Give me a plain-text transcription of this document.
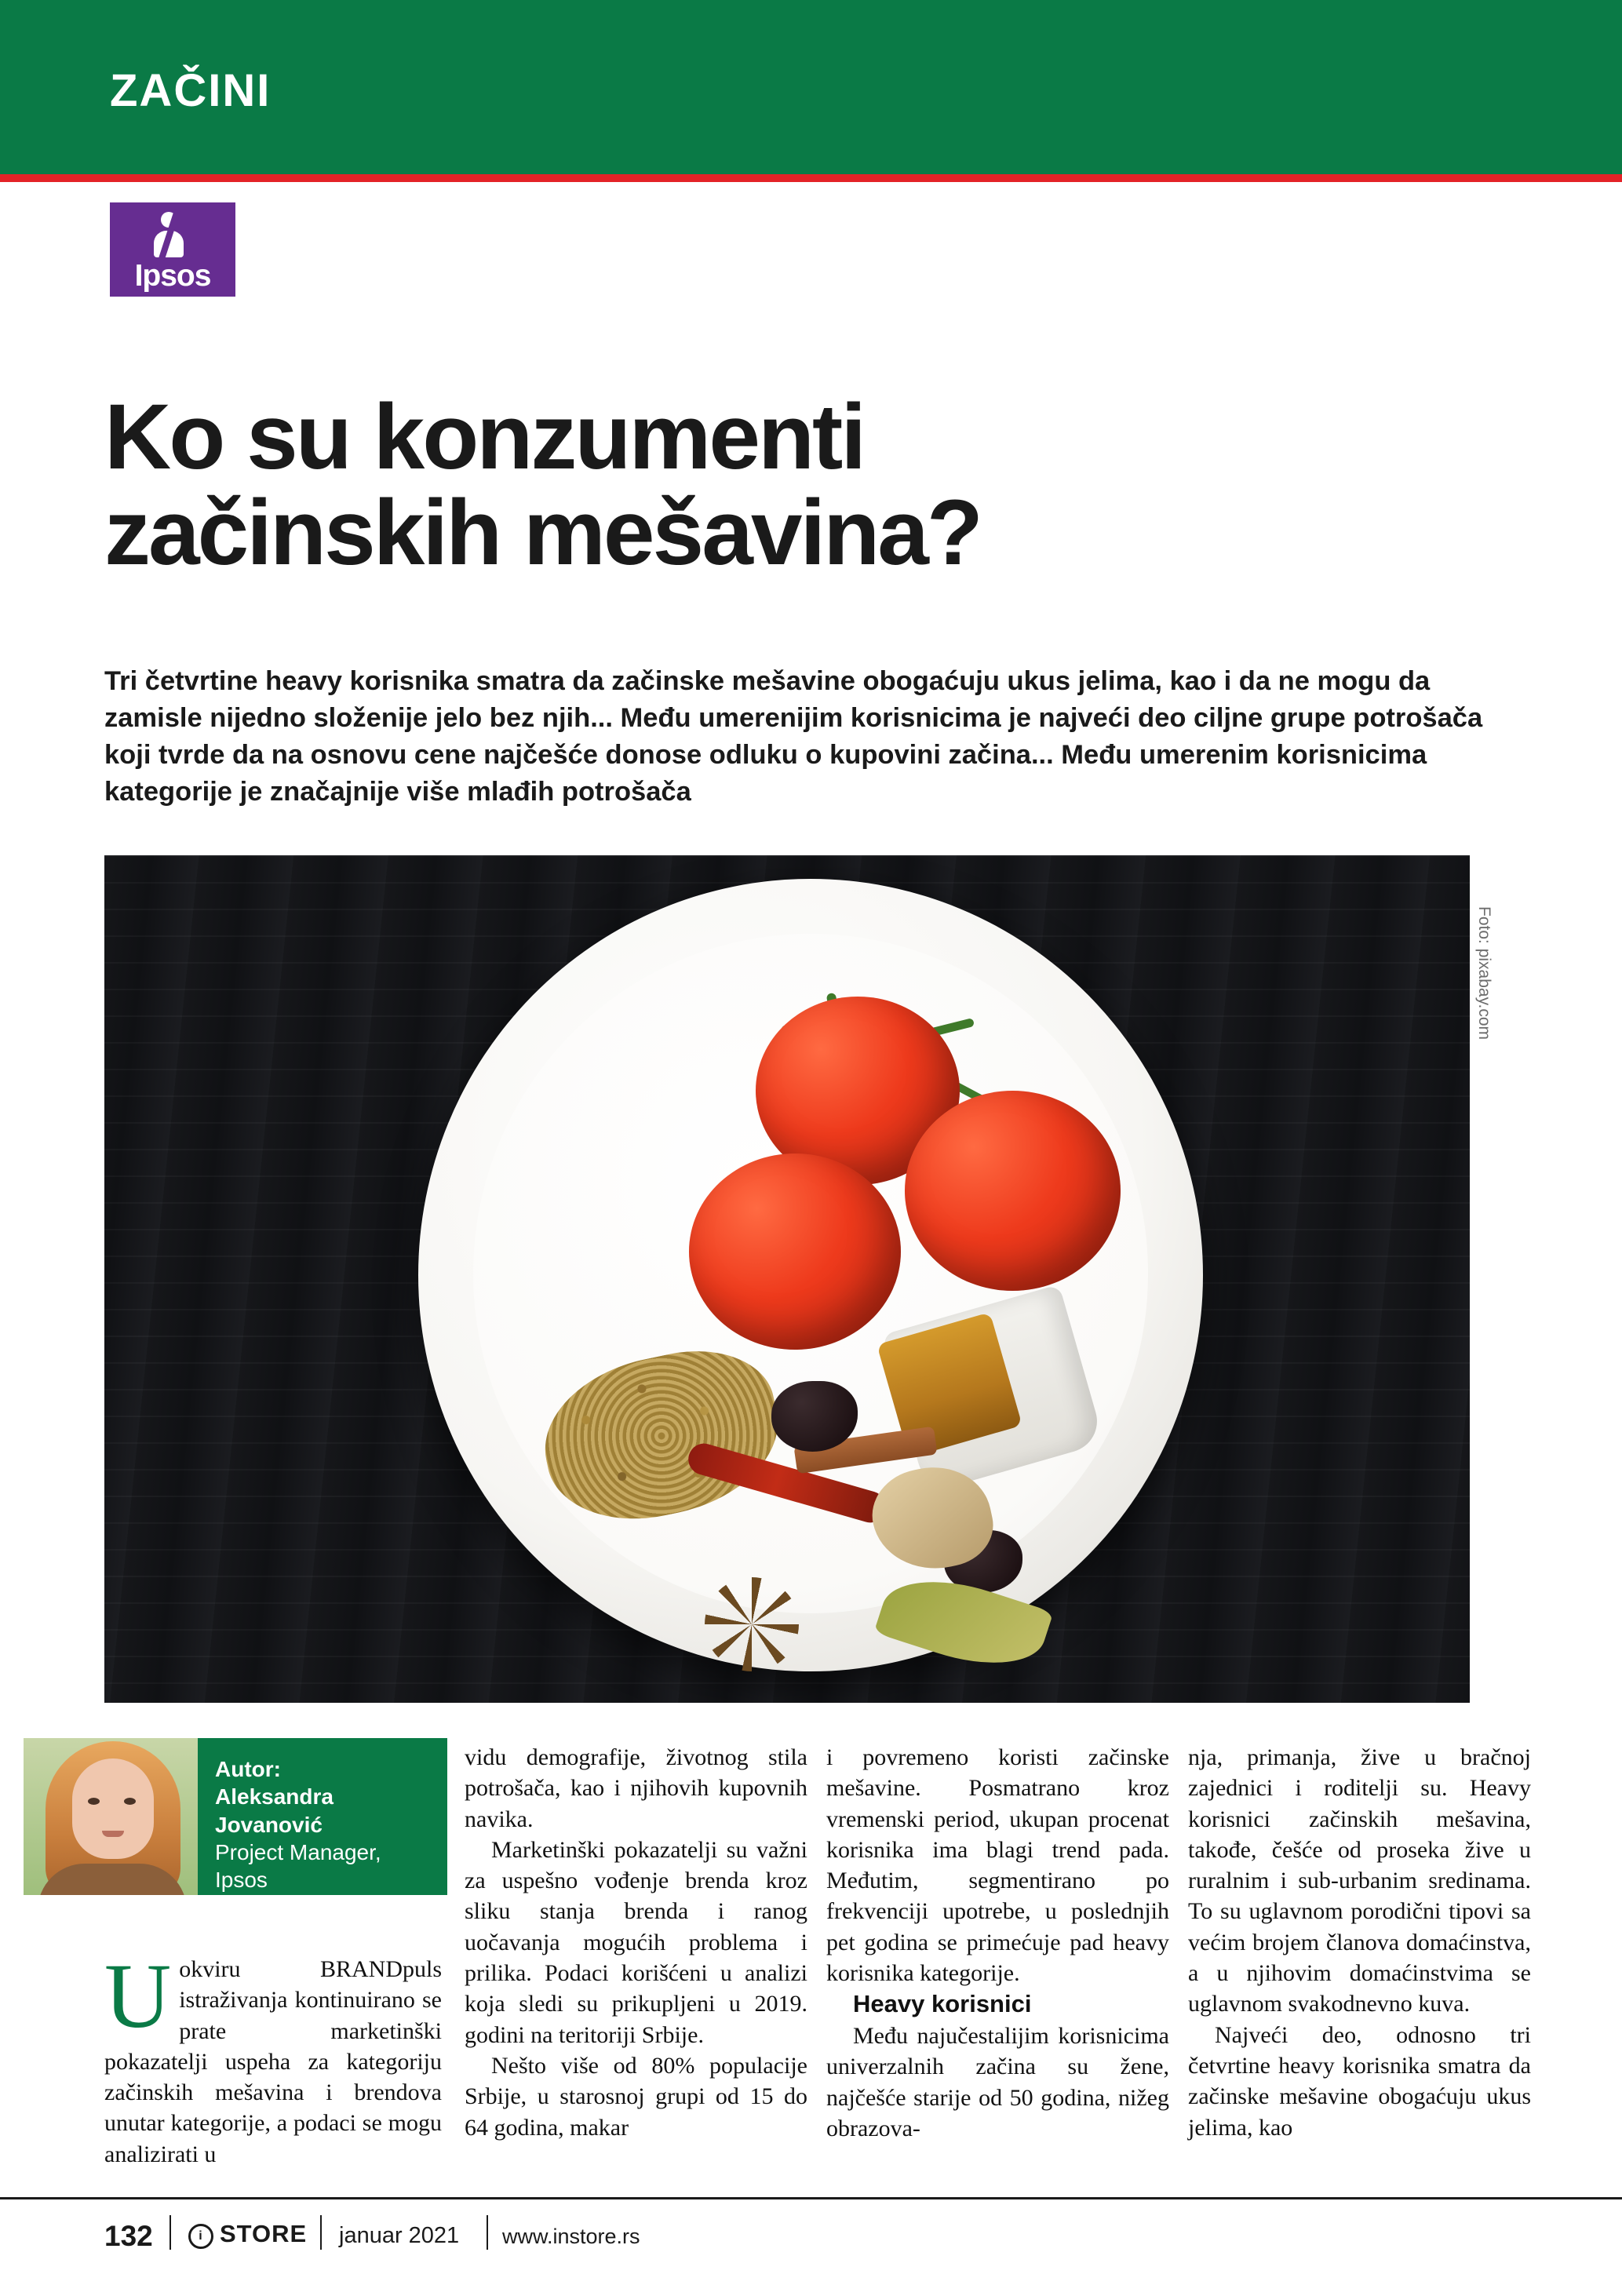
ZAČINI
Ipsos
Ko su konzumenti
začinskih mešavina?
Tri četvrtine heavy korisnika smatra da začinske mešavine obogaćuju ukus jelima, kao i da ne mogu da zamisle nijedno složenije jelo bez njih... Među umerenijim korisnicima je najveći deo ciljne grupe potrošača koji tvrde da na osnovu cene najčešće donose odluku o kupovini začina... Među umerenim korisnicima kategorije je značajnije više mlađih potrošača
Foto: pixabay.com
Autor:
Aleksandra
Jovanović
Project Manager,
Ipsos
U okviru BRANDpuls istraživanja kontinuirano se prate marketinški pokazatelji uspeha za kategoriju začinskih mešavina i brendova unutar kategorije, a podaci se mogu analizirati u

vidu demografije, životnog stila potrošača, kao i njihovih kupovnih navika.

Marketinški pokazatelji su važni za uspešno vođenje brenda kroz sliku stanja brenda i ranog uočavanja mogućih problema i prilika. Podaci korišćeni u analizi koja sledi su prikupljeni u 2019. godini na teritoriji Srbije.

Nešto više od 80% populacije Srbije, u starosnoj grupi od 15 do 64 godina, makar

i povremeno koristi začinske mešavine. Posmatrano kroz vremenski period, ukupan procenat korisnika ima blagi trend pada. Međutim, segmentirano po frekvenciji upotrebe, u poslednjih pet godina se primećuje pad heavy korisnika kategorije.

Heavy korisnici

Među najučestalijim korisnicima univerzalnih začina su žene, najčešće starije od 50 godina, nižeg obrazova-

nja, primanja, žive u bračnoj zajednici i roditelji su. Heavy korisnici začinskih mešavina, takođe, češće od proseka žive u ruralnim i sub-urbanim sredinama. To su uglavnom porodični tipovi sa većim brojem članova domaćinstva, a u njihovim domaćinstvima se uglavnom svakodnevno kuva.

Najveći deo, odnosno tri četvrtine heavy korisnika smatra da začinske mešavine obogaćuju ukus jelima, kao

132	i STORE januar 2021 www.instore.rs
